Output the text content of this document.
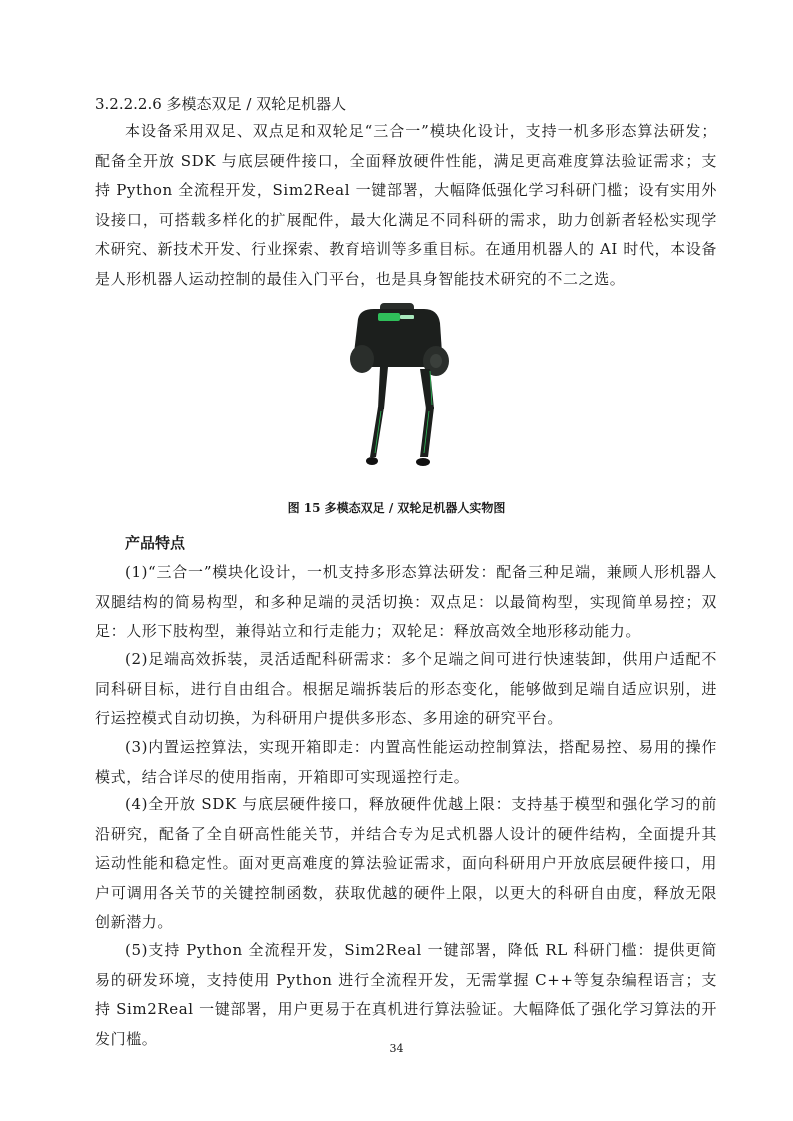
3.2.2.2.6 多模态双足 / 双轮足机器人

本设备采用双足、双点足和双轮足“三合一”模块化设计，支持一机多形态算法研发；配备全开放 SDK 与底层硬件接口，全面释放硬件性能，满足更高难度算法验证需求；支持 Python 全流程开发，Sim2Real 一键部署，大幅降低强化学习科研门槛；设有实用外设接口，可搭载多样化的扩展配件，最大化满足不同科研的需求，助力创新者轻松实现学术研究、新技术开发、行业探索、教育培训等多重目标。在通用机器人的 AI 时代，本设备是人形机器人运动控制的最佳入门平台，也是具身智能技术研究的不二之选。

图 15 多模态双足 / 双轮足机器人实物图
产品特点

(1)“三合一”模块化设计，一机支持多形态算法研发：配备三种足端，兼顾人形机器人双腿结构的简易构型，和多种足端的灵活切换：双点足：以最简构型，实现简单易控；双足：人形下肢构型，兼得站立和行走能力；双轮足：释放高效全地形移动能力。

(2)足端高效拆装，灵活适配科研需求：多个足端之间可进行快速装卸，供用户适配不同科研目标，进行自由组合。根据足端拆装后的形态变化，能够做到足端自适应识别，进行运控模式自动切换，为科研用户提供多形态、多用途的研究平台。

(3)内置运控算法，实现开箱即走：内置高性能运动控制算法，搭配易控、易用的操作模式，结合详尽的使用指南，开箱即可实现遥控行走。

(4)全开放 SDK 与底层硬件接口，释放硬件优越上限：支持基于模型和强化学习的前沿研究，配备了全自研高性能关节，并结合专为足式机器人设计的硬件结构，全面提升其运动性能和稳定性。面对更高难度的算法验证需求，面向科研用户开放底层硬件接口，用户可调用各关节的关键控制函数，获取优越的硬件上限，以更大的科研自由度，释放无限创新潜力。

(5)支持 Python 全流程开发，Sim2Real 一键部署，降低 RL 科研门槛：提供更简易的研发环境，支持使用 Python 进行全流程开发，无需掌握 C++等复杂编程语言；支持 Sim2Real 一键部署，用户更易于在真机进行算法验证。大幅降低了强化学习算法的开发门槛。

34
